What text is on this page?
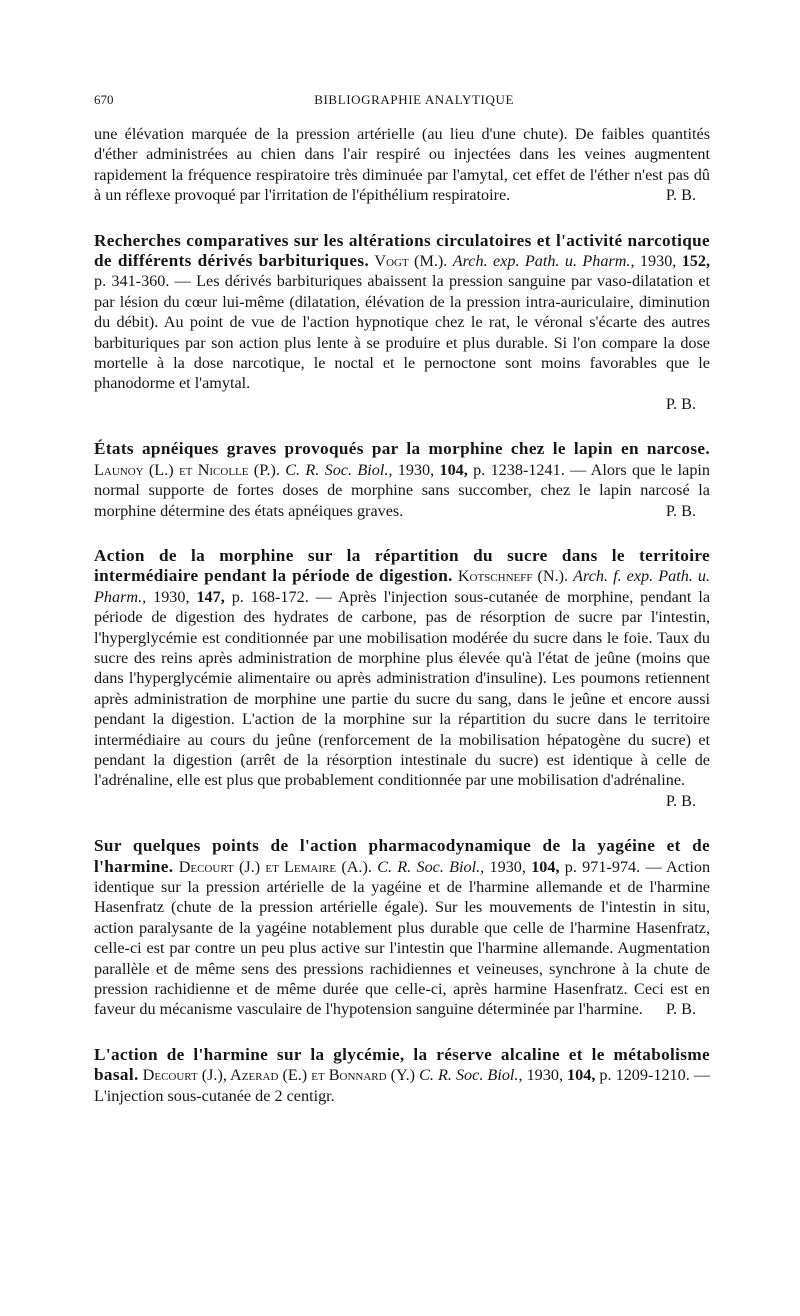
670	BIBLIOGRAPHIE ANALYTIQUE
une élévation marquée de la pression artérielle (au lieu d'une chute). De faibles quantités d'éther administrées au chien dans l'air respiré ou injectées dans les veines augmentent rapidement la fréquence respiratoire très diminuée par l'amytal, cet effet de l'éther n'est pas dû à un réflexe provoqué par l'irritation de l'épithélium respiratoire.	P. B.
Recherches comparatives sur les altérations circulatoires et l'activité narcotique de différents dérivés barbituriques. Vogt (M.). Arch. exp. Path. u. Pharm., 1930, 152, p. 341-360. — Les dérivés barbituriques abaissent la pression sanguine par vaso-dilatation et par lésion du cœur lui-même (dilatation, élévation de la pression intra-auriculaire, diminution du débit). Au point de vue de l'action hypnotique chez le rat, le véronal s'écarte des autres barbituriques par son action plus lente à se produire et plus durable. Si l'on compare la dose mortelle à la dose narcotique, le noctal et le pernoctone sont moins favorables que le phanodorme et l'amytal.
P. B.
États apnéiques graves provoqués par la morphine chez le lapin en narcose. Launoy (L.) et Nicolle (P.). C. R. Soc. Biol., 1930, 104, p. 1238-1241. — Alors que le lapin normal supporte de fortes doses de morphine sans succomber, chez le lapin narcosé la morphine détermine des états apnéiques graves.	P. B.
Action de la morphine sur la répartition du sucre dans le territoire intermédiaire pendant la période de digestion. Kotschneff (N.). Arch. f. exp. Path. u. Pharm., 1930, 147, p. 168-172. — Après l'injection sous-cutanée de morphine, pendant la période de digestion des hydrates de carbone, pas de résorption de sucre par l'intestin, l'hyperglycémie est conditionnée par une mobilisation modérée du sucre dans le foie. Taux du sucre des reins après administration de morphine plus élevée qu'à l'état de jeûne (moins que dans l'hyperglycémie alimentaire ou après administration d'insuline). Les poumons retiennent après administration de morphine une partie du sucre du sang, dans le jeûne et encore aussi pendant la digestion. L'action de la morphine sur la répartition du sucre dans le territoire intermédiaire au cours du jeûne (renforcement de la mobilisation hépatogène du sucre) et pendant la digestion (arrêt de la résorption intestinale du sucre) est identique à celle de l'adrénaline, elle est plus que probablement conditionnée par une mobilisation d'adrénaline.
P. B.
Sur quelques points de l'action pharmacodynamique de la yagéine et de l'harmine. Decourt (J.) et Lemaire (A.). C. R. Soc. Biol., 1930, 104, p. 971-974. — Action identique sur la pression artérielle de la yagéine et de l'harmine allemande et de l'harmine Hasenfratz (chute de la pression artérielle égale). Sur les mouvements de l'intestin in situ, action paralysante de la yagéine notablement plus durable que celle de l'harmine Hasenfratz, celle-ci est par contre un peu plus active sur l'intestin que l'harmine allemande. Augmentation parallèle et de même sens des pressions rachidiennes et veineuses, synchrone à la chute de pression rachidienne et de même durée que celle-ci, après harmine Hasenfratz. Ceci est en faveur du mécanisme vasculaire de l'hypotension sanguine déterminée par l'harmine. P. B.
L'action de l'harmine sur la glycémie, la réserve alcaline et le métabolisme basal. Decourt (J.), Azerad (E.) et Bonnard (Y.) C. R. Soc. Biol., 1930, 104, p. 1209-1210. — L'injection sous-cutanée de 2 centigr.
